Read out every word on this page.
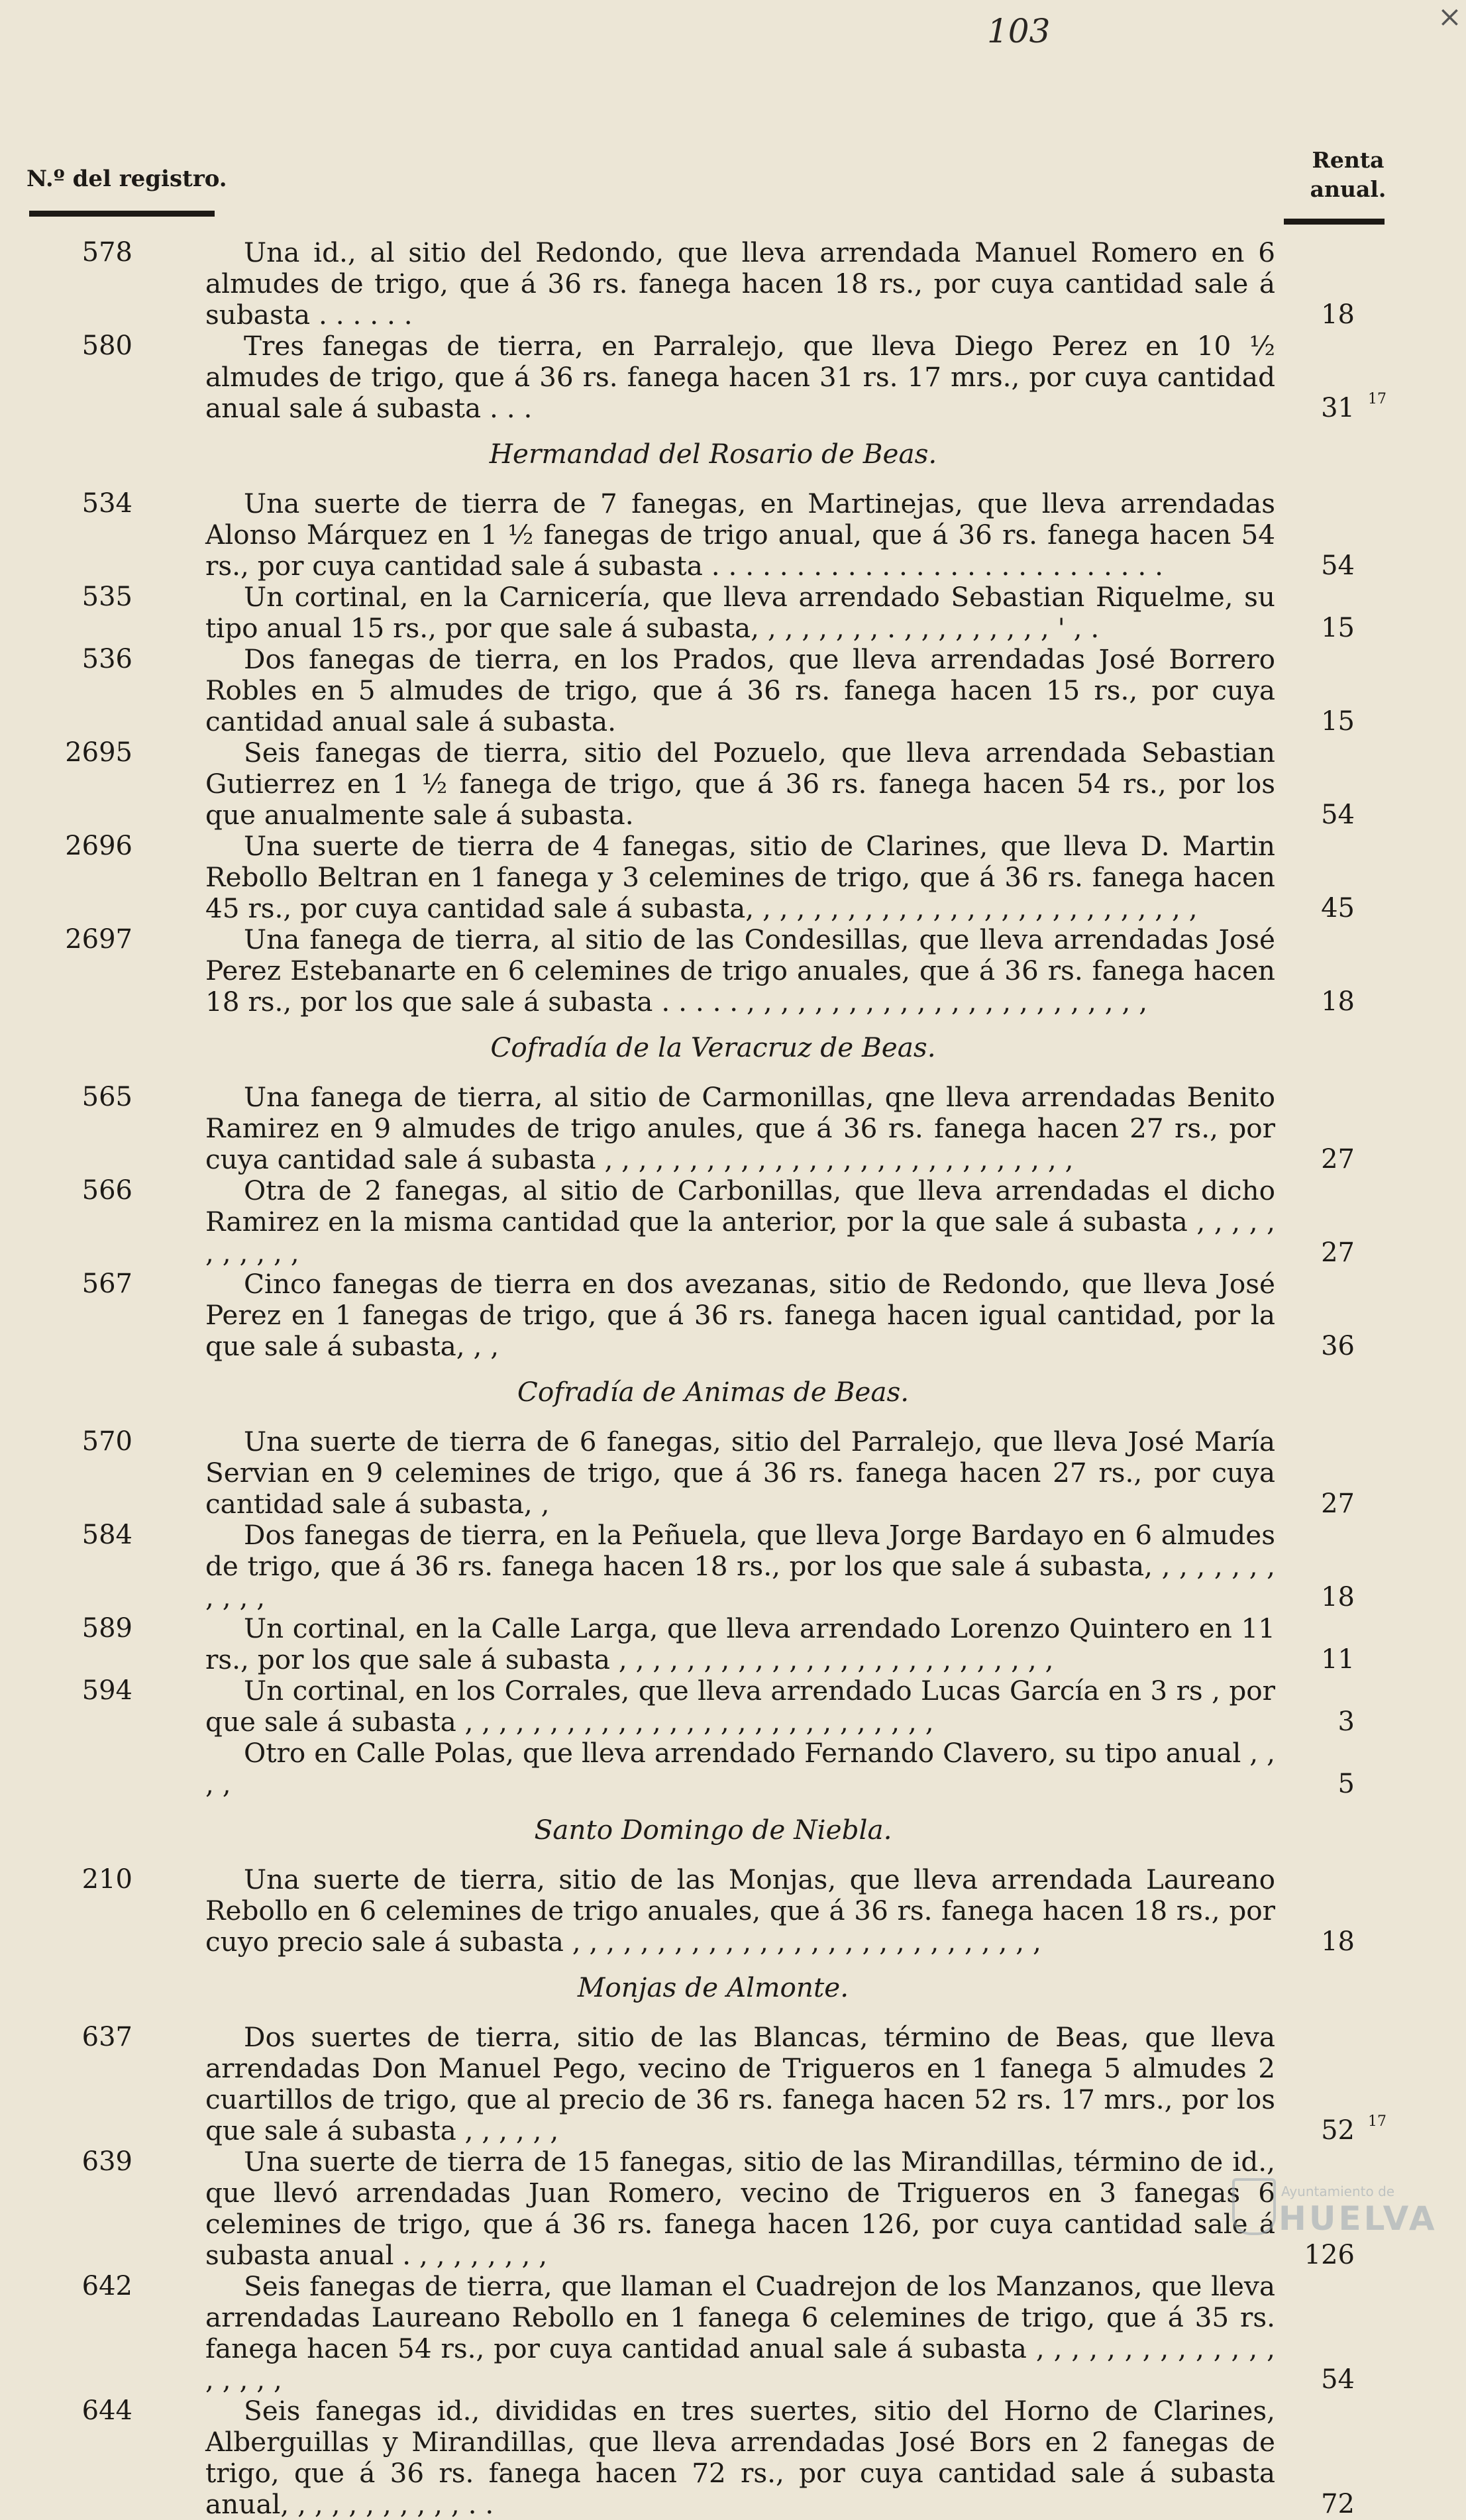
103	×
N.º del registro.
Renta
anual.
578	Una id., al sitio del Redondo, que lleva arrendada Manuel Romero en 6 almudes de trigo, que á 36 rs. fanega hacen 18 rs., por cuya cantidad sale á subasta . . . . . .	18
580	Tres fanegas de tierra, en Parralejo, que lleva Diego Perez en 10 ½ almudes de trigo, que á 36 rs. fanega hacen 31 rs. 17 mrs., por cuya cantidad anual sale á subasta . . .	31 17
Hermandad del Rosario de Beas.
534	Una suerte de tierra de 7 fanegas, en Martinejas, que lleva arrendadas Alonso Márquez en 1 ½ fanegas de trigo anual, que á 36 rs. fanega hacen 54 rs., por cuya cantidad sale á subasta . . . . . . . . . . . . . . . . . . . . . . . . . . .	54
535	Un cortinal, en la Carnicería, que lleva arrendado Sebastian Riquelme, su tipo anual 15 rs., por que sale á subasta, , , , , , , , . , , , , , , , , , ' , .	15
536	Dos fanegas de tierra, en los Prados, que lleva arrendadas José Borrero Robles en 5 almudes de trigo, que á 36 rs. fanega hacen 15 rs., por cuya cantidad anual sale á subasta.	15
2695	Seis fanegas de tierra, sitio del Pozuelo, que lleva arrendada Sebastian Gutierrez en 1 ½ fanega de trigo, que á 36 rs. fanega hacen 54 rs., por los que anualmente sale á subasta.	54
2696	Una suerte de tierra de 4 fanegas, sitio de Clarines, que lleva D. Martin Rebollo Beltran en 1 fanega y 3 celemines de trigo, que á 36 rs. fanega hacen 45 rs., por cuya cantidad sale á subasta, , , , , , , , , , , , , , , , , , , , , , , , , , ,	45
2697	Una fanega de tierra, al sitio de las Condesillas, que lleva arrendadas José Perez Estebanarte en 6 celemines de trigo anuales, que á 36 rs. fanega hacen 18 rs., por los que sale á subasta . . . . . , , , , , , , , , , , , , , , , , , , , , , , ,	18
Cofradía de la Veracruz de Beas.
565	Una fanega de tierra, al sitio de Carmonillas, qne lleva arrendadas Benito Ramirez en 9 almudes de trigo anules, que á 36 rs. fanega hacen 27 rs., por cuya cantidad sale á subasta , , , , , , , , , , , , , , , , , , , , , , , , , , , ,	27
566	Otra de 2 fanegas, al sitio de Carbonillas, que lleva arrendadas el dicho Ramirez en la misma cantidad que la anterior, por la que sale á subasta , , , , , , , , , , ,	27
567	Cinco fanegas de tierra en dos avezanas, sitio de Redondo, que lleva José Perez en 1 fanegas de trigo, que á 36 rs. fanega hacen igual cantidad, por la que sale á subasta, , ,	36
Cofradía de Animas de Beas.
570	Una suerte de tierra de 6 fanegas, sitio del Parralejo, que lleva José María Servian en 9 celemines de trigo, que á 36 rs. fanega hacen 27 rs., por cuya cantidad sale á subasta, ,	27
584	Dos fanegas de tierra, en la Peñuela, que lleva Jorge Bardayo en 6 almudes de trigo, que á 36 rs. fanega hacen 18 rs., por los que sale á subasta, , , , , , , , , , , ,	18
589	Un cortinal, en la Calle Larga, que lleva arrendado Lorenzo Quintero en 11 rs., por los que sale á subasta , , , , , , , , , , , , , , , , , , , , , , , , , ,	11
594	Un cortinal, en los Corrales, que lleva arrendado Lucas García en 3 rs , por que sale á subasta , , , , , , , , , , , , , , , , , , , , , , , , , , , ,	3
Otro en Calle Polas, que lleva arrendado Fernando Clavero, su tipo anual , , , ,	5
Santo Domingo de Niebla.
210	Una suerte de tierra, sitio de las Monjas, que lleva arrendada Laureano Rebollo en 6 celemines de trigo anuales, que á 36 rs. fanega hacen 18 rs., por cuyo precio sale á subasta , , , , , , , , , , , , , , , , , , , , , , , , , , , ,	18
Monjas de Almonte.
637	Dos suertes de tierra, sitio de las Blancas, término de Beas, que lleva arrendadas Don Manuel Pego, vecino de Trigueros en 1 fanega 5 almudes 2 cuartillos de trigo, que al precio de 36 rs. fanega hacen 52 rs. 17 mrs., por los que sale á subasta , , , , , ,	52 17
639	Una suerte de tierra de 15 fanegas, sitio de las Mirandillas, término de id., que llevó arrendadas Juan Romero, vecino de Trigueros en 3 fanegas 6 celemines de trigo, que á 36 rs. fanega hacen 126, por cuya cantidad sale á subasta anual . , , , , , , , ,	126
642	Seis fanegas de tierra, que llaman el Cuadrejon de los Manzanos, que lleva arrendadas Laureano Rebollo en 1 fanega 6 celemines de trigo, que á 35 rs. fanega hacen 54 rs., por cuya cantidad anual sale á subasta , , , , , , , , , , , , , , , , , , ,	54
644	Seis fanegas id., divididas en tres suertes, sitio del Horno de Clarines, Alberguillas y Mirandillas, que lleva arrendadas José Bors en 2 fanegas de trigo, que á 36 rs. fanega hacen 72 rs., por cuya cantidad sale á subasta anual, , , , , , , , , , , . .	72
Ayuntamiento de
HUELVA
